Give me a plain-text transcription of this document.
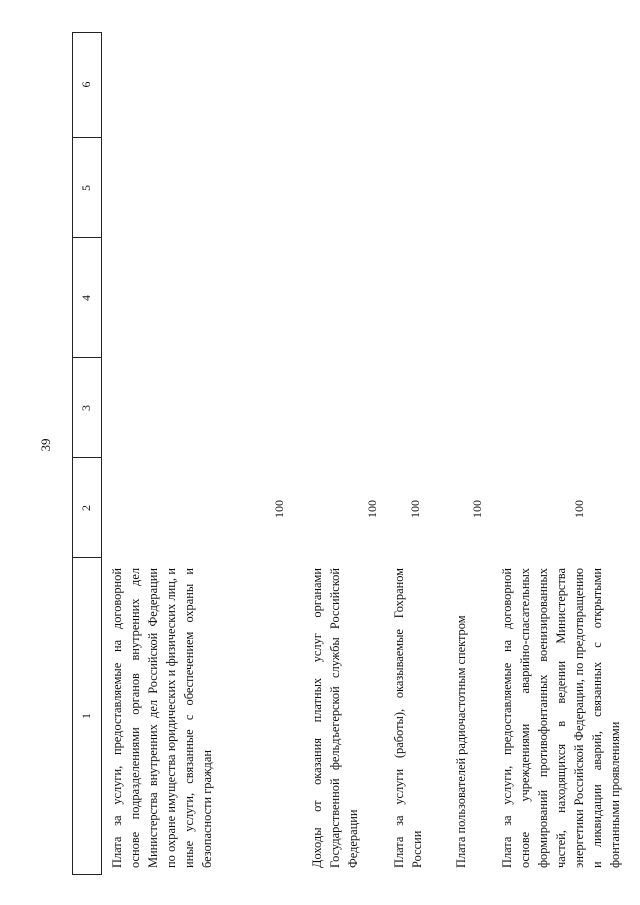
39
1
2
3
4
5
6
Плата за услуги, предоставляемые на договорной основе подразделениями органов внутренних дел Министерства внутренних дел Российской Федерации по охране имущества юридических и физических лиц, и иные услуги, связанные с обеспечением охраны и безопасности граждан
100
Доходы от оказания платных услуг органами Государственной фельдъегерской службы Российской Федерации
100
Плата за услуги (работы), оказываемые Гохраном России
100
Плата пользователей радиочастотным спектром
100
Плата за услуги, предоставляемые на договорной основе учреждениями аварийно-спасательных формирований противофонтанных военизированных частей, находящихся в ведении Министерства энергетики Российской Федерации, по предотвращению и ликвидации аварий, связанных с открытыми фонтанными проявлениями
100
